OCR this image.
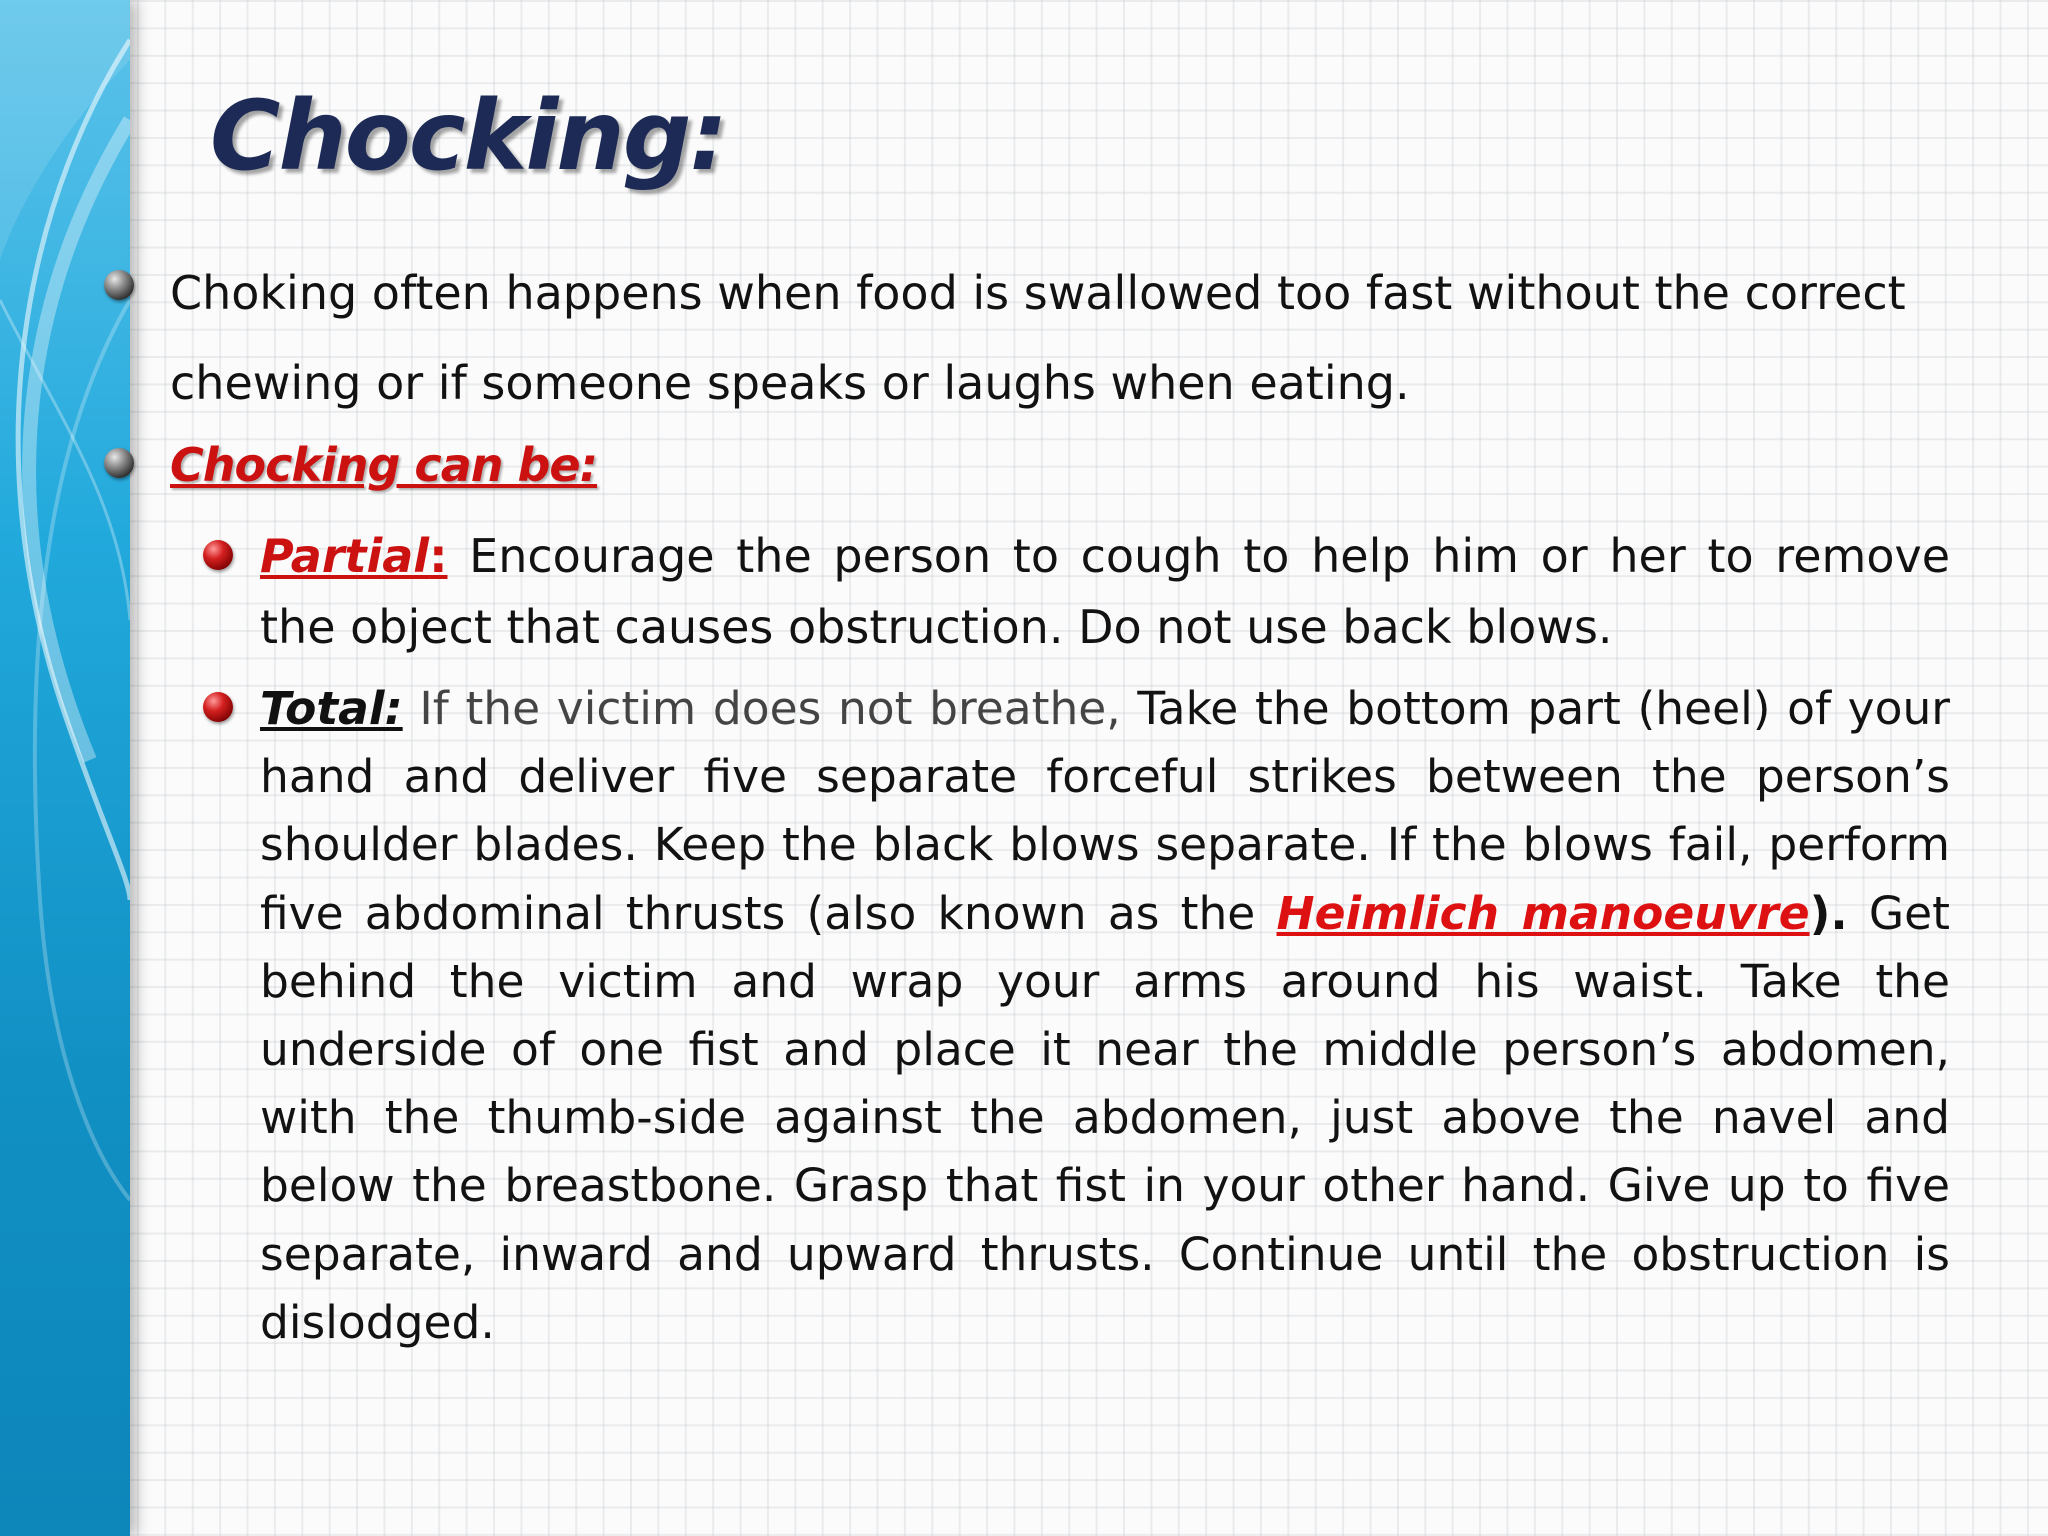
Chocking:

Choking often happens when food is swallowed too fast without the correct chewing or if someone speaks or laughs when eating.

Chocking can be:

Partial: Encourage the person to cough to help him or her to remove the object that causes obstruction. Do not use back blows.

Total: If the victim does not breathe, Take the bottom part (heel) of your hand and deliver five separate forceful strikes between the person’s shoulder blades. Keep the black blows separate. If the blows fail, perform five abdominal thrusts (also known as the Heimlich manoeuvre). Get behind the victim and wrap your arms around his waist. Take the underside of one fist and place it near the middle person’s abdomen, with the thumb-side against the abdomen, just above the navel and below the breastbone. Grasp that fist in your other hand. Give up to five separate, inward and upward thrusts. Continue until the obstruction is dislodged.
